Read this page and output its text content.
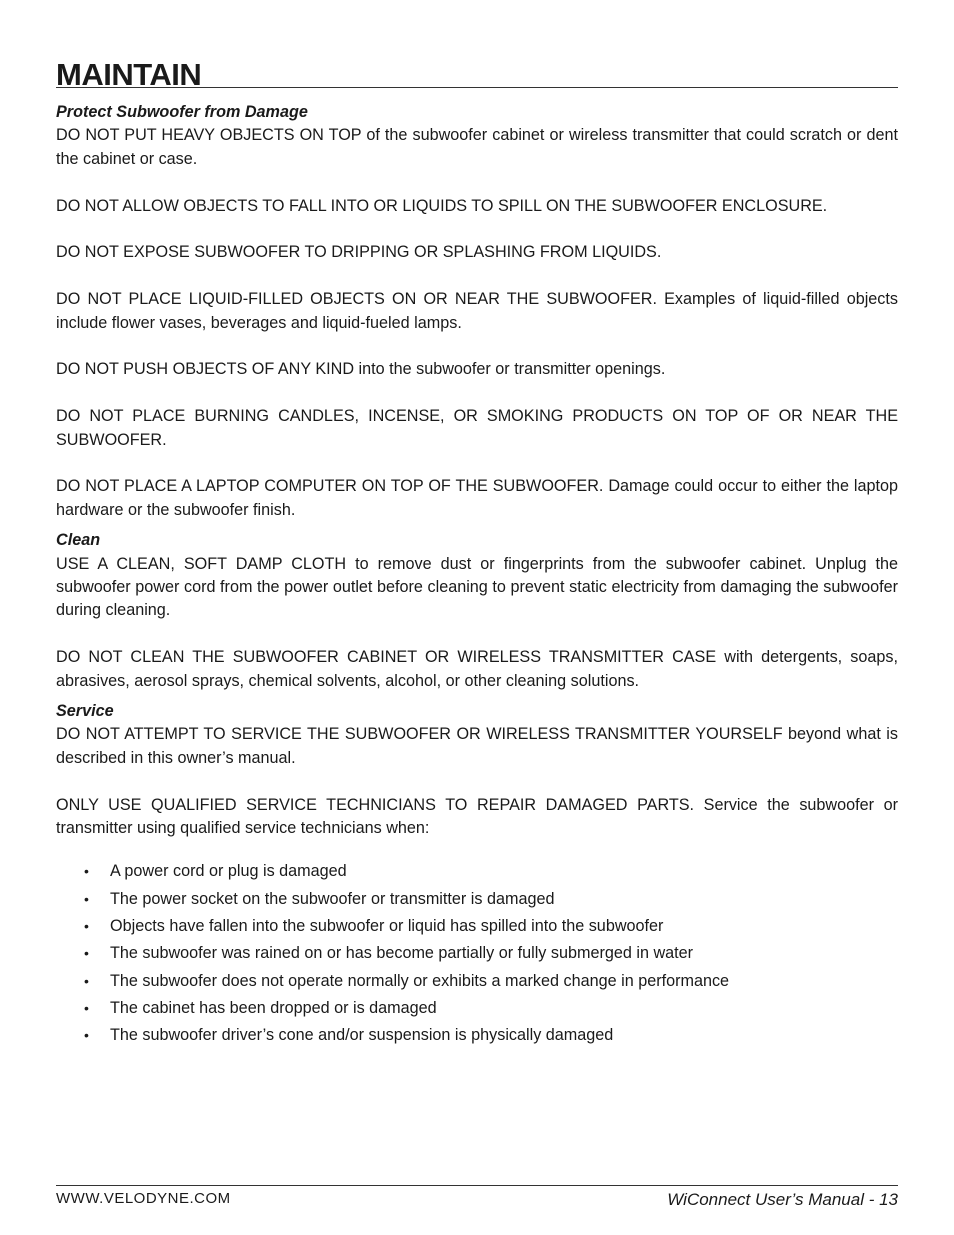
MAINTAIN
Protect Subwoofer from Damage

DO NOT PUT HEAVY OBJECTS ON TOP of the subwoofer cabinet or wireless transmitter that could scratch or dent the cabinet or case.

DO NOT ALLOW OBJECTS TO FALL INTO OR LIQUIDS TO SPILL ON THE SUBWOOFER ENCLOSURE.

DO NOT EXPOSE SUBWOOFER TO DRIPPING OR SPLASHING FROM LIQUIDS.

DO NOT PLACE LIQUID-FILLED OBJECTS ON OR NEAR THE SUBWOOFER. Examples of liquid-filled objects include flower vases, beverages and liquid-fueled lamps.

DO NOT PUSH OBJECTS OF ANY KIND into the subwoofer or transmitter openings.

DO NOT PLACE BURNING CANDLES, INCENSE, OR SMOKING PRODUCTS ON TOP OF OR NEAR THE SUBWOOFER.

DO NOT PLACE A LAPTOP COMPUTER ON TOP OF THE SUBWOOFER. Damage could occur to either the laptop hardware or the subwoofer finish.

Clean

USE A CLEAN, SOFT DAMP CLOTH to remove dust or fingerprints from the subwoofer cabinet. Unplug the subwoofer power cord from the power outlet before cleaning to prevent static electricity from damaging the subwoofer during cleaning.

DO NOT CLEAN THE SUBWOOFER CABINET OR WIRELESS TRANSMITTER CASE with detergents, soaps, abrasives, aerosol sprays, chemical solvents, alcohol, or other cleaning solutions.

Service

DO NOT ATTEMPT TO SERVICE THE SUBWOOFER OR WIRELESS TRANSMITTER YOURSELF beyond what is described in this owner’s manual.

ONLY USE QUALIFIED SERVICE TECHNICIANS TO REPAIR DAMAGED PARTS. Service the subwoofer or transmitter using qualified service technicians when:

• A power cord or plug is damaged
• The power socket on the subwoofer or transmitter is damaged
• Objects have fallen into the subwoofer or liquid has spilled into the subwoofer
• The subwoofer was rained on or has become partially or fully submerged in water
• The subwoofer does not operate normally or exhibits a marked change in performance
• The cabinet has been dropped or is damaged
• The subwoofer driver’s cone and/or suspension is physically damaged
WWW.VELODYNE.COM	WiConnect User’s Manual - 13
